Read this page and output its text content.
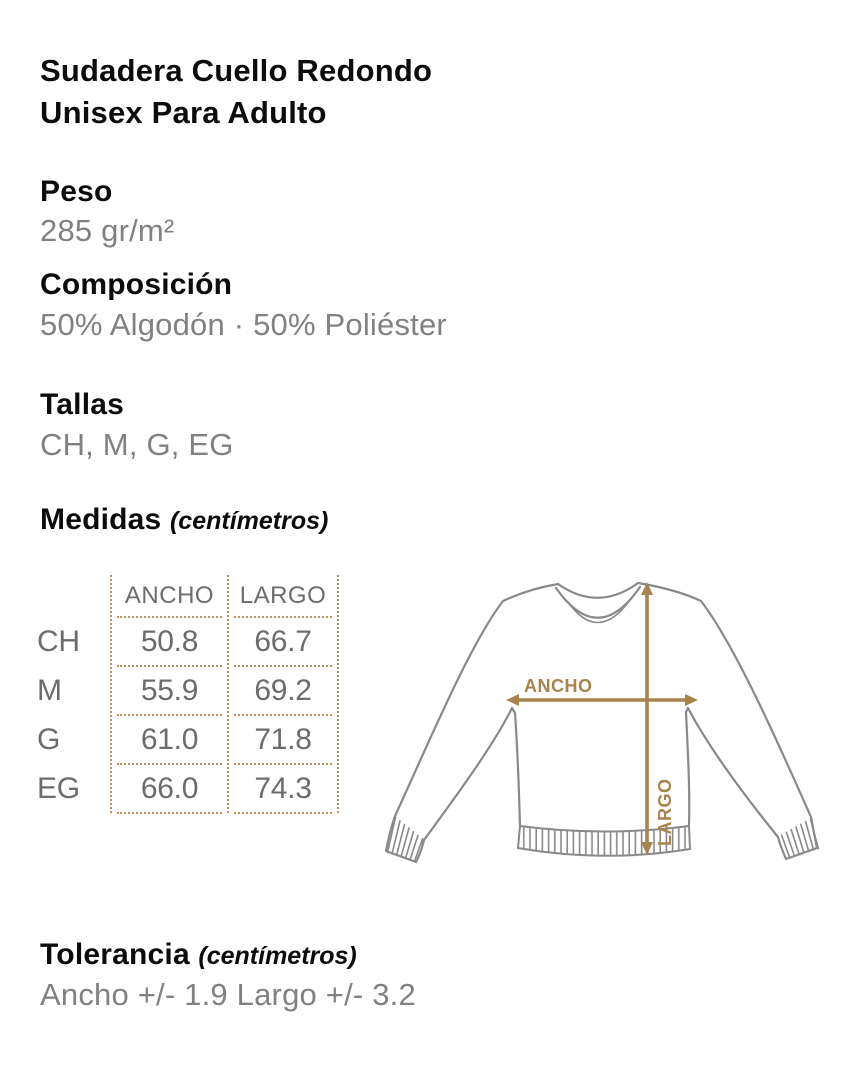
Sudadera Cuello Redondo
Unisex Para Adulto
Peso
285 gr/m²
Composición
50% Algodón · 50% Poliéster
Tallas
CH, M, G, EG
Medidas (centímetros)
CH
M
G
EG
ANCHO
50.8
55.9
61.0
66.0
LARGO
66.7
69.2
71.8
74.3
ANCHO
LARGO
Tolerancia (centímetros)
Ancho +/- 1.9 Largo +/- 3.2
